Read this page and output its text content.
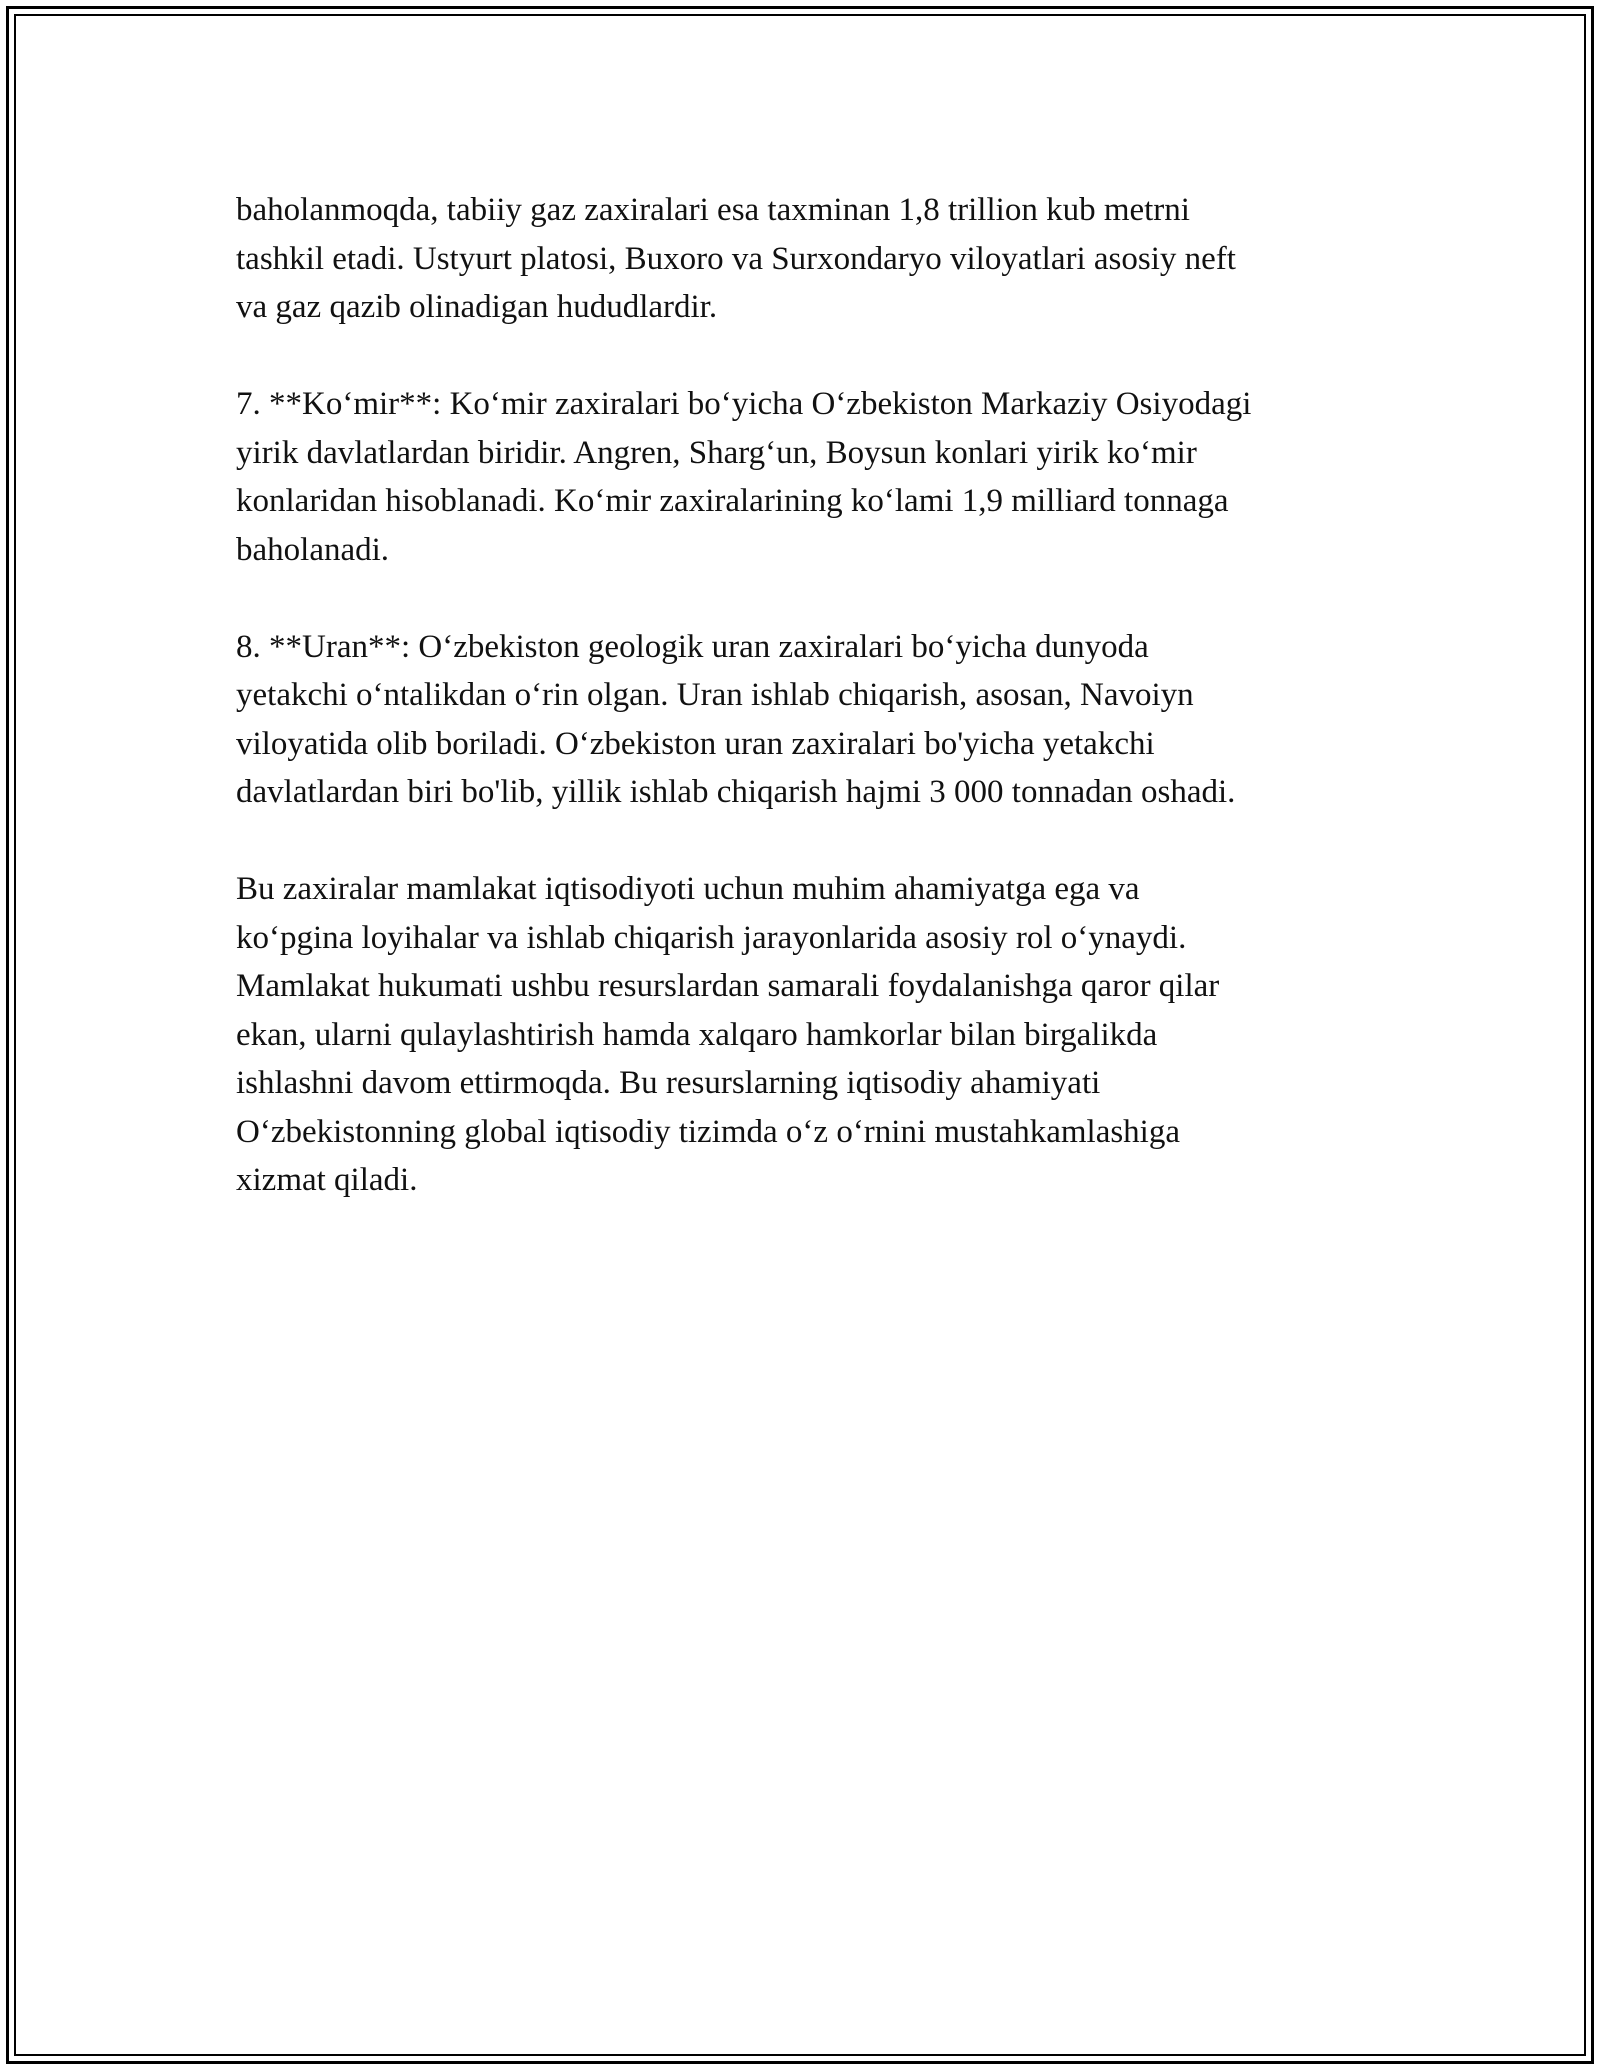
baholanmoqda, tabiiy gaz zaxiralari esa taxminan 1,8 trillion kub metrni
tashkil etadi. Ustyurt platosi, Buxoro va Surxondaryo viloyatlari asosiy neft
va gaz qazib olinadigan hududlardir.

7. **Ko‘mir**: Ko‘mir zaxiralari bo‘yicha O‘zbekiston Markaziy Osiyodagi
yirik davlatlardan biridir. Angren, Sharg‘un, Boysun konlari yirik ko‘mir
konlaridan hisoblanadi. Ko‘mir zaxiralarining ko‘lami 1,9 milliard tonnaga
baholanadi.

8. **Uran**: O‘zbekiston geologik uran zaxiralari bo‘yicha dunyoda
yetakchi o‘ntalikdan o‘rin olgan. Uran ishlab chiqarish, asosan, Navoiyn
viloyatida olib boriladi. O‘zbekiston uran zaxiralari bo'yicha yetakchi
davlatlardan biri bo'lib, yillik ishlab chiqarish hajmi 3 000 tonnadan oshadi.

Bu zaxiralar mamlakat iqtisodiyoti uchun muhim ahamiyatga ega va
ko‘pgina loyihalar va ishlab chiqarish jarayonlarida asosiy rol o‘ynaydi.
Mamlakat hukumati ushbu resurslardan samarali foydalanishga qaror qilar
ekan, ularni qulaylashtirish hamda xalqaro hamkorlar bilan birgalikda
ishlashni davom ettirmoqda. Bu resurslarning iqtisodiy ahamiyati
O‘zbekistonning global iqtisodiy tizimda o‘z o‘rnini mustahkamlashiga
xizmat qiladi.
